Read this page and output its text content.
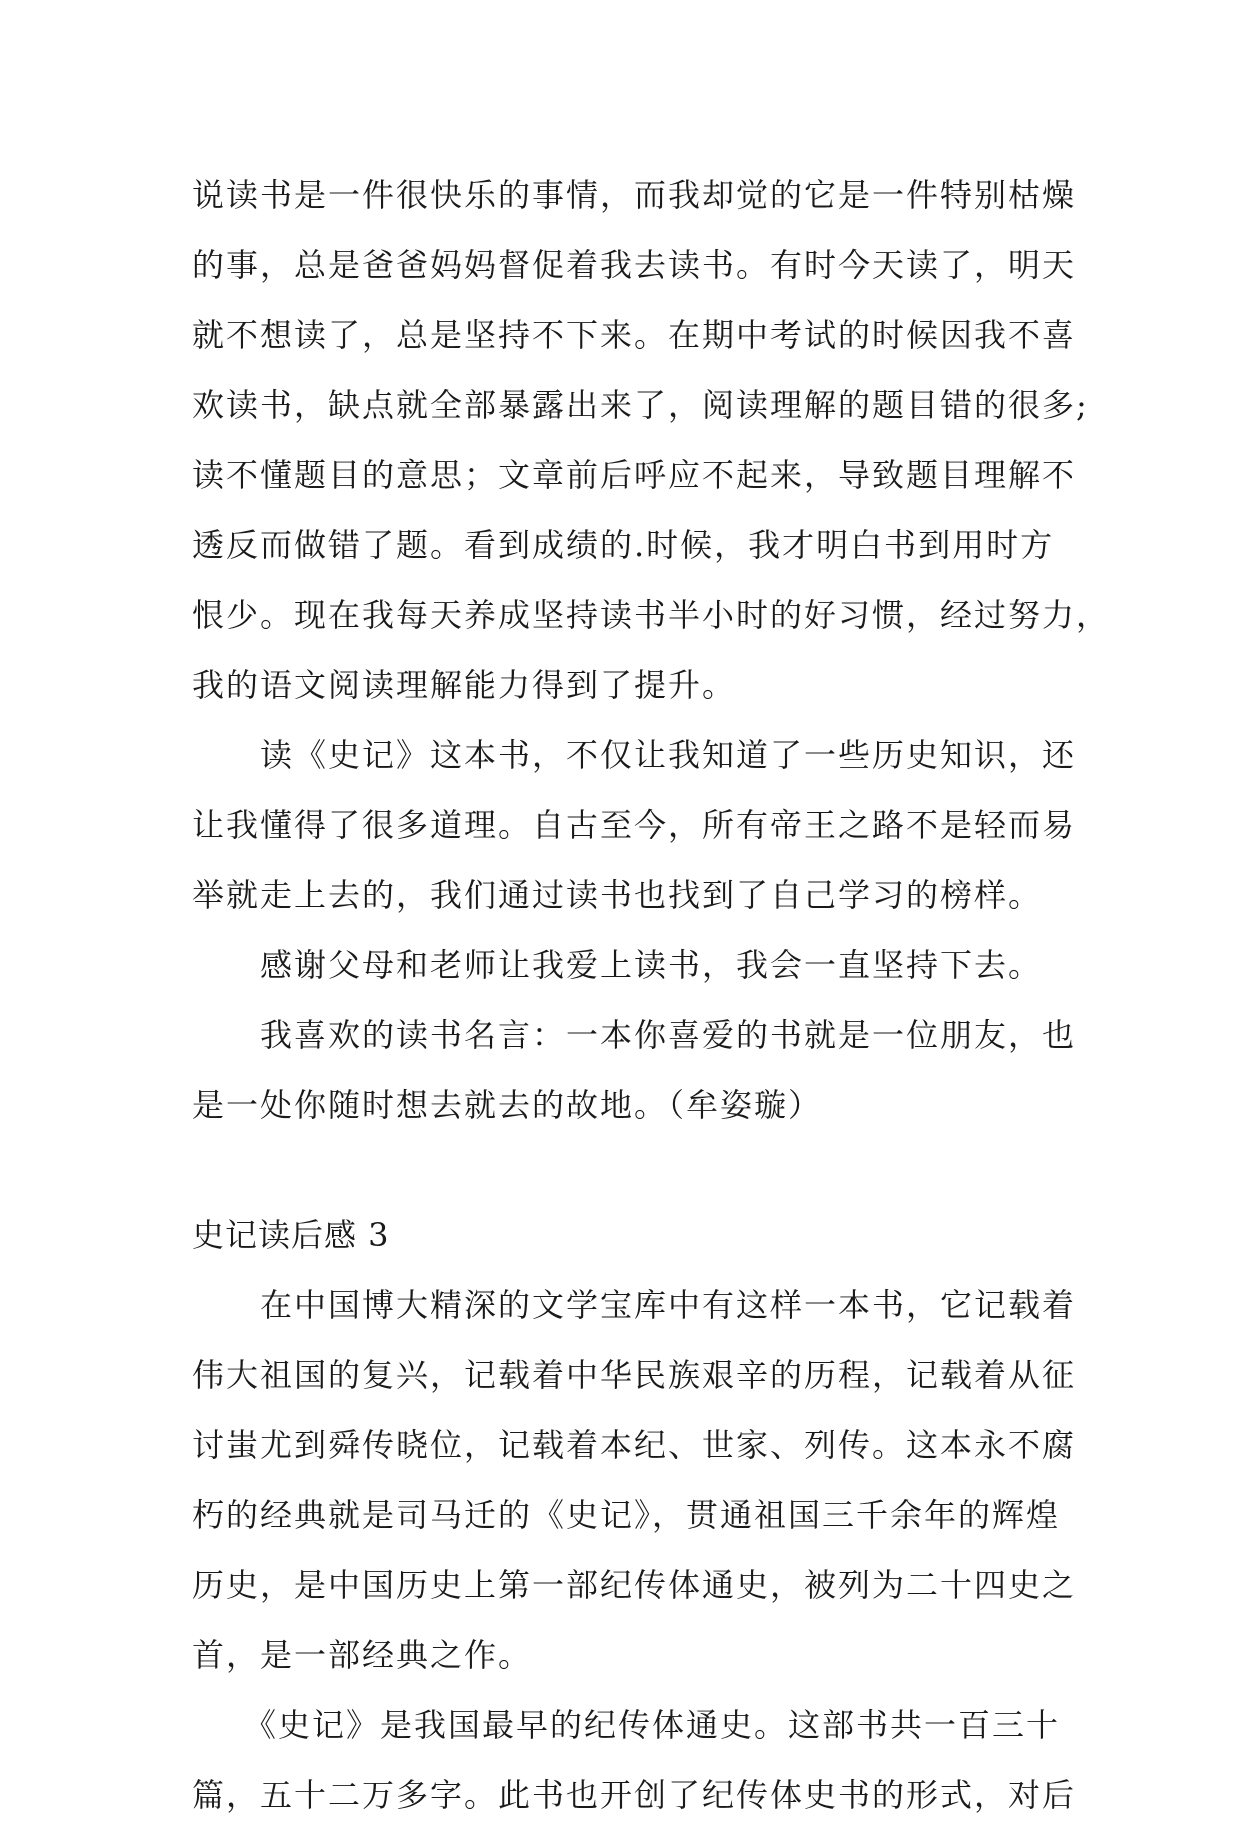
说读书是一件很快乐的事情，而我却觉的它是一件特别枯燥
的事，总是爸爸妈妈督促着我去读书。有时今天读了，明天
就不想读了，总是坚持不下来。在期中考试的时候因我不喜
欢读书，缺点就全部暴露出来了，阅读理解的题目错的很多;
读不懂题目的意思；文章前后呼应不起来，导致题目理解不
透反而做错了题。看到成绩的.时候，我才明白书到用时方
恨少。现在我每天养成坚持读书半小时的好习惯，经过努力，
我的语文阅读理解能力得到了提升。
　　读《史记》这本书，不仅让我知道了一些历史知识，还
让我懂得了很多道理。自古至今，所有帝王之路不是轻而易
举就走上去的，我们通过读书也找到了自己学习的榜样。
　　感谢父母和老师让我爱上读书，我会一直坚持下去。
　　我喜欢的读书名言：一本你喜爱的书就是一位朋友，也
是一处你随时想去就去的故地。（牟姿璇）
史记读后感 3
　　在中国博大精深的文学宝库中有这样一本书，它记载着
伟大祖国的复兴，记载着中华民族艰辛的历程，记载着从征
讨蚩尤到舜传晓位，记载着本纪、世家、列传。这本永不腐
朽的经典就是司马迁的《史记》，贯通祖国三千余年的辉煌
历史，是中国历史上第一部纪传体通史，被列为二十四史之
首，是一部经典之作。
　　《史记》是我国最早的纪传体通史。这部书共一百三十
篇，五十二万多字。此书也开创了纪传体史书的形式，对后
